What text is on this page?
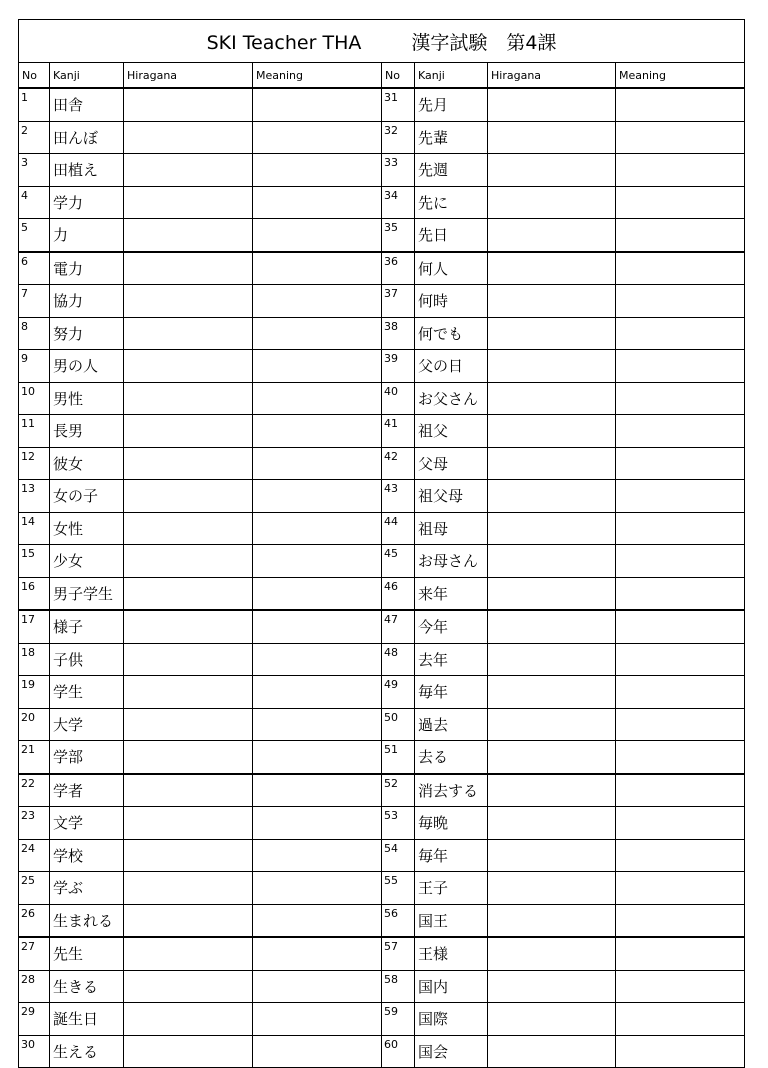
SKI Teacher THA 漢字試験　第4課							
No	Kanji	Hiragana	Meaning	No	Kanji	Hiragana	Meaning
1	田舎			31	先月		
2	田んぼ			32	先輩		
3	田植え			33	先週		
4	学力			34	先に		
5	力			35	先日		
6	電力			36	何人		
7	協力			37	何時		
8	努力			38	何でも		
9	男の人			39	父の日		
10	男性			40	お父さん		
11	長男			41	祖父		
12	彼女			42	父母		
13	女の子			43	祖父母		
14	女性			44	祖母		
15	少女			45	お母さん		
16	男子学生			46	来年		
17	様子			47	今年		
18	子供			48	去年		
19	学生			49	毎年		
20	大学			50	過去		
21	学部			51	去る		
22	学者			52	消去する		
23	文学			53	毎晩		
24	学校			54	毎年		
25	学ぶ			55	王子		
26	生まれる			56	国王		
27	先生			57	王様		
28	生きる			58	国内		
29	誕生日			59	国際		
30	生える			60	国会		
